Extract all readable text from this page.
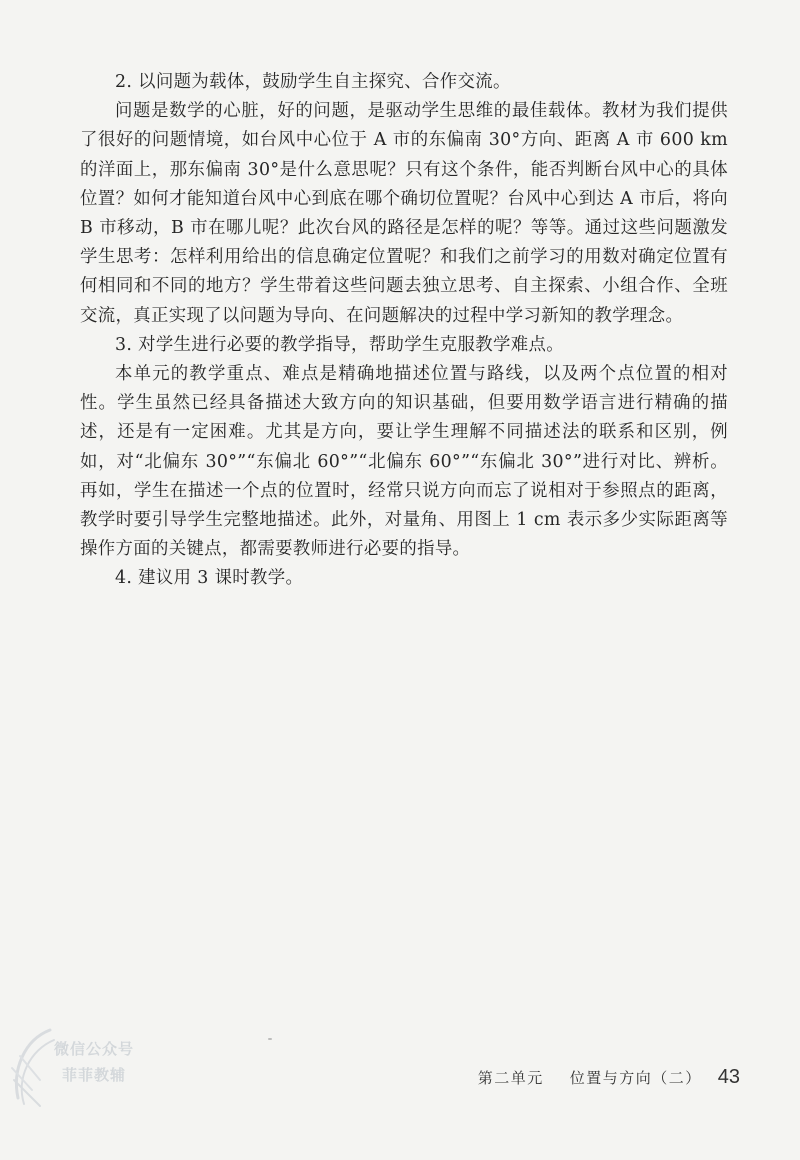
2. 以问题为载体，鼓励学生自主探究、合作交流。

问题是数学的心脏，好的问题，是驱动学生思维的最佳载体。教材为我们提供了很好的问题情境，如台风中心位于 A 市的东偏南 30°方向、距离 A 市 600 km 的洋面上，那东偏南 30°是什么意思呢？只有这个条件，能否判断台风中心的具体位置？如何才能知道台风中心到底在哪个确切位置呢？台风中心到达 A 市后，将向 B 市移动，B 市在哪儿呢？此次台风的路径是怎样的呢？等等。通过这些问题激发学生思考：怎样利用给出的信息确定位置呢？和我们之前学习的用数对确定位置有何相同和不同的地方？学生带着这些问题去独立思考、自主探索、小组合作、全班交流，真正实现了以问题为导向、在问题解决的过程中学习新知的教学理念。

3. 对学生进行必要的教学指导，帮助学生克服教学难点。

本单元的教学重点、难点是精确地描述位置与路线，以及两个点位置的相对性。学生虽然已经具备描述大致方向的知识基础，但要用数学语言进行精确的描述，还是有一定困难。尤其是方向，要让学生理解不同描述法的联系和区别，例如，对“北偏东 30°”“东偏北 60°”“北偏东 60°”“东偏北 30°”进行对比、辨析。再如，学生在描述一个点的位置时，经常只说方向而忘了说相对于参照点的距离，教学时要引导学生完整地描述。此外，对量角、用图上 1 cm 表示多少实际距离等操作方面的关键点，都需要教师进行必要的指导。

4. 建议用 3 课时教学。

微信公众号
菲菲教辅	第二单元 位置与方向（二） 43
